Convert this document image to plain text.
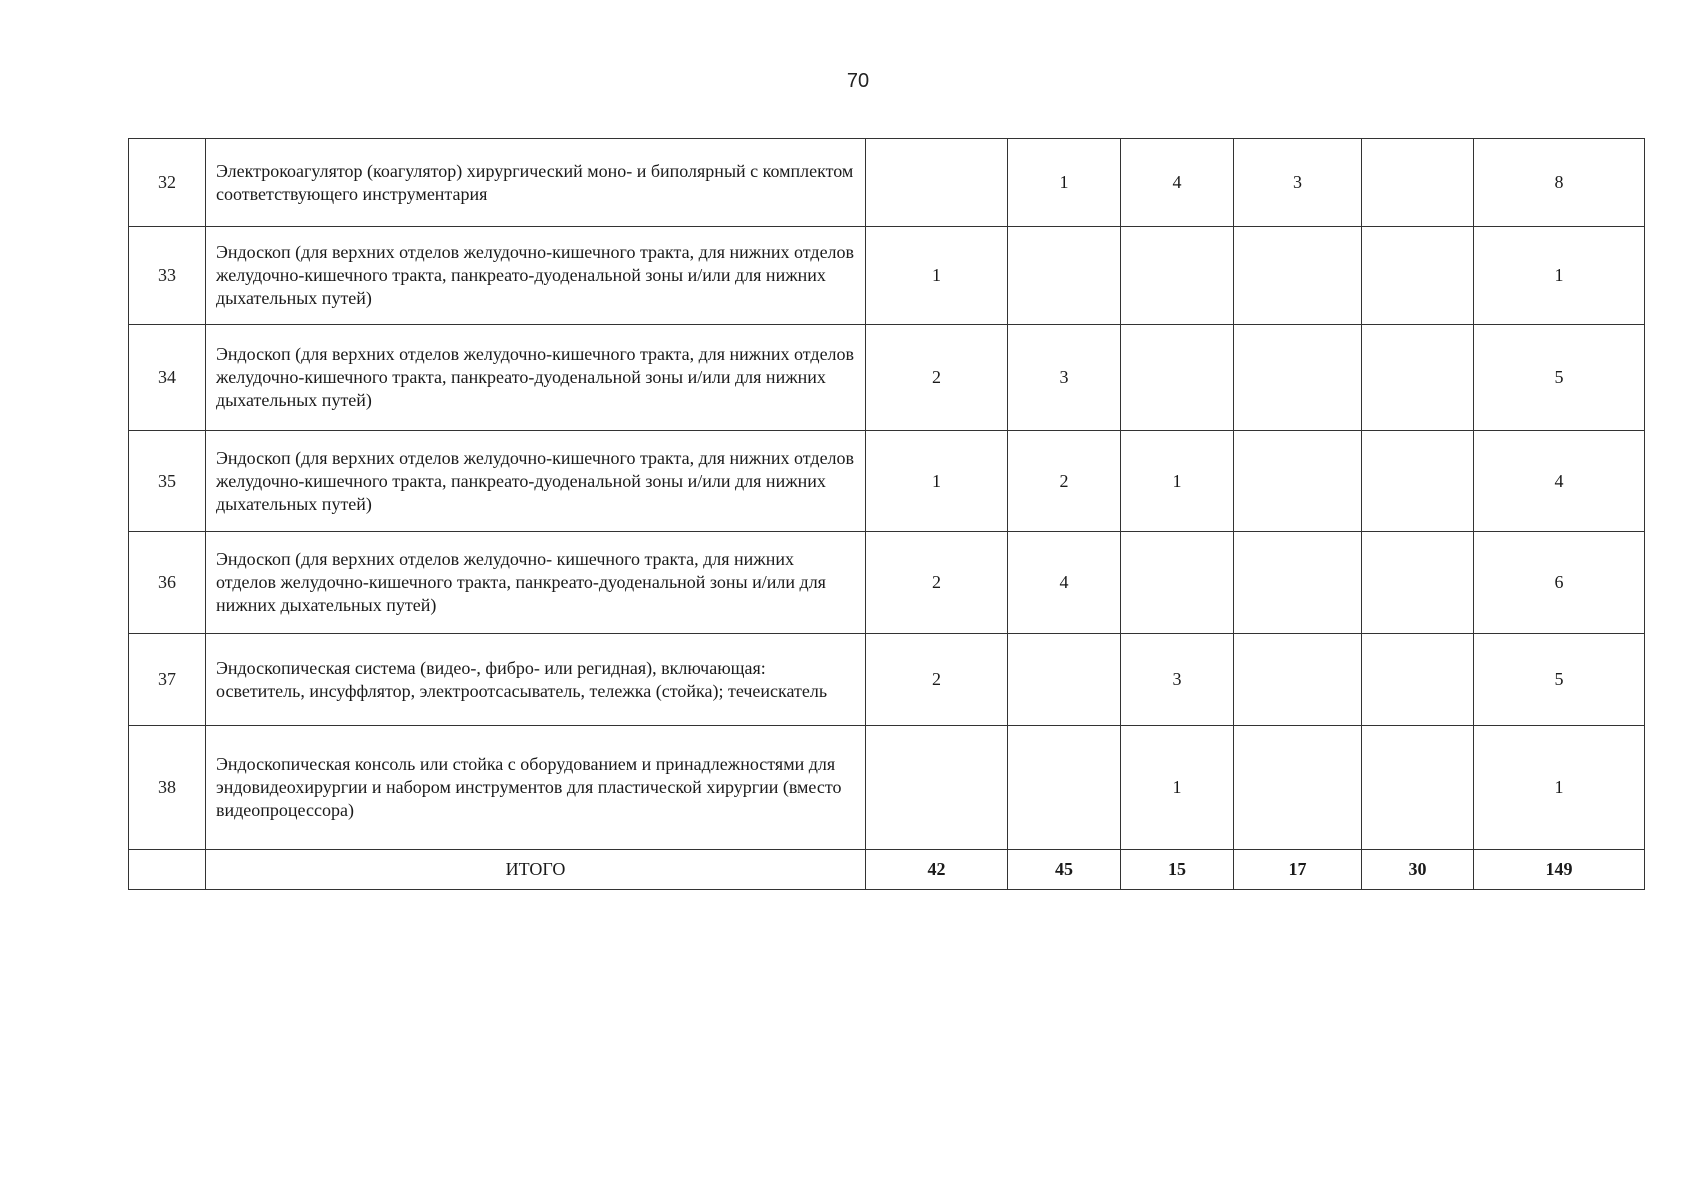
70
32	Электрокоагулятор (коагулятор) хирургический моно- и биполярный с комплектом соответствующего инструментария		1	4	3		8
33	Эндоскоп (для верхних отделов желудочно-кишечного тракта, для нижних отделов желудочно-кишечного тракта, панкреато-дуоденальной зоны и/или для нижних дыхательных путей)	1					1
34	Эндоскоп (для верхних отделов желудочно-кишечного тракта, для нижних отделов желудочно-кишечного тракта, панкреато-дуоденальной зоны и/или для нижних дыхательных путей)	2	3				5
35	Эндоскоп (для верхних отделов желудочно-кишечного тракта, для нижних отделов желудочно-кишечного тракта, панкреато-дуоденальной зоны и/или для нижних дыхательных путей)	1	2	1			4
36	Эндоскоп (для верхних отделов желудочно- кишечного тракта, для нижних отделов желудочно-кишечного тракта, панкреато-дуоденальной зоны и/или для нижних дыхательных путей)	2	4				6
37	Эндоскопическая система (видео-, фибро- или регидная), включающая: осветитель, инсуффлятор, электроотсасыватель, тележка (стойка); течеискатель	2		3			5
38	Эндоскопическая консоль или стойка с оборудованием и принадлежностями для эндовидеохирургии и набором инструментов для пластической хирургии (вместо видеопроцессора)			1			1
	ИТОГО	42	45	15	17	30	149
